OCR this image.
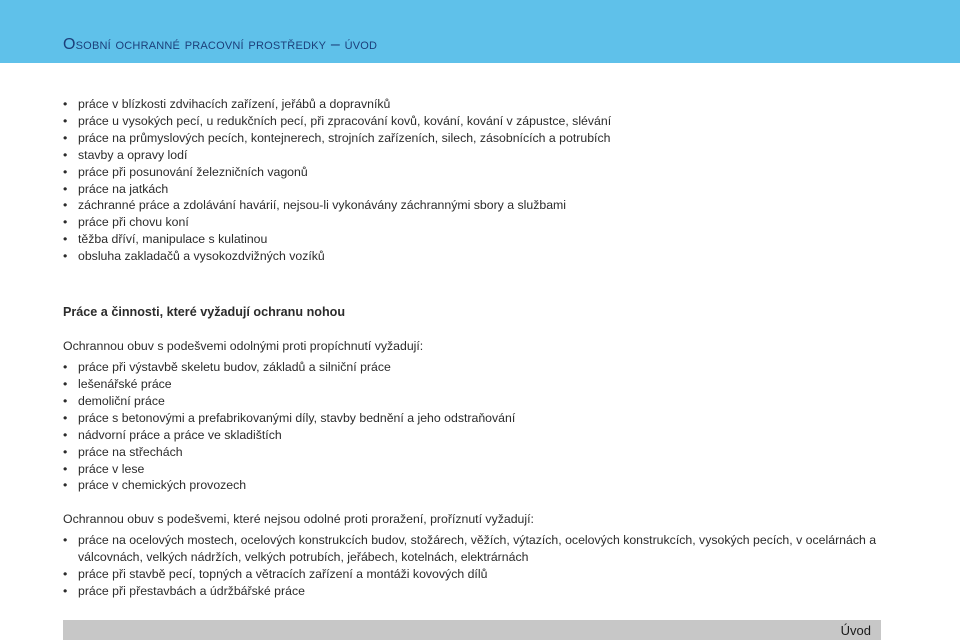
Osobní ochranné pracovní prostředky – úvod
• práce v blízkosti zdvihacích zařízení, jeřábů a dopravníků
• práce u vysokých pecí, u redukčních pecí, při zpracování kovů, kování, kování v zápustce, slévání
• práce na průmyslových pecích, kontejnerech, strojních zařízeních, silech, zásobnících a potrubích
• stavby a opravy lodí
• práce při posunování železničních vagonů
• práce na jatkách
• záchranné práce a zdolávání havárií, nejsou-li vykonávány záchrannými sbory a službami
• práce při chovu koní
• těžba dříví, manipulace s kulatinou
• obsluha zakladačů a vysokozdvižných vozíků
Práce a činnosti, které vyžadují ochranu nohou
Ochrannou obuv s podešvemi odolnými proti propíchnutí vyžadují:
• práce při výstavbě skeletu budov, základů a silniční práce
• lešenářské práce
• demoliční práce
• práce s betonovými a prefabrikovanými díly, stavby bednění a jeho odstraňování
• nádvorní práce a práce ve skladištích
• práce na střechách
• práce v lese
• práce v chemických provozech
Ochrannou obuv s podešvemi, které nejsou odolné proti proražení, proříznutí vyžadují:
• práce na ocelových mostech, ocelových konstrukcích budov, stožárech, věžích, výtazích, ocelových konstrukcích, vysokých pecích, v ocelárnách a válcovnách, velkých nádržích, velkých potrubích, jeřábech, kotelnách, elektrárnách
• práce při stavbě pecí, topných a větracích zařízení a montáži kovových dílů
• práce při přestavbách a údržbářské práce
Úvod
